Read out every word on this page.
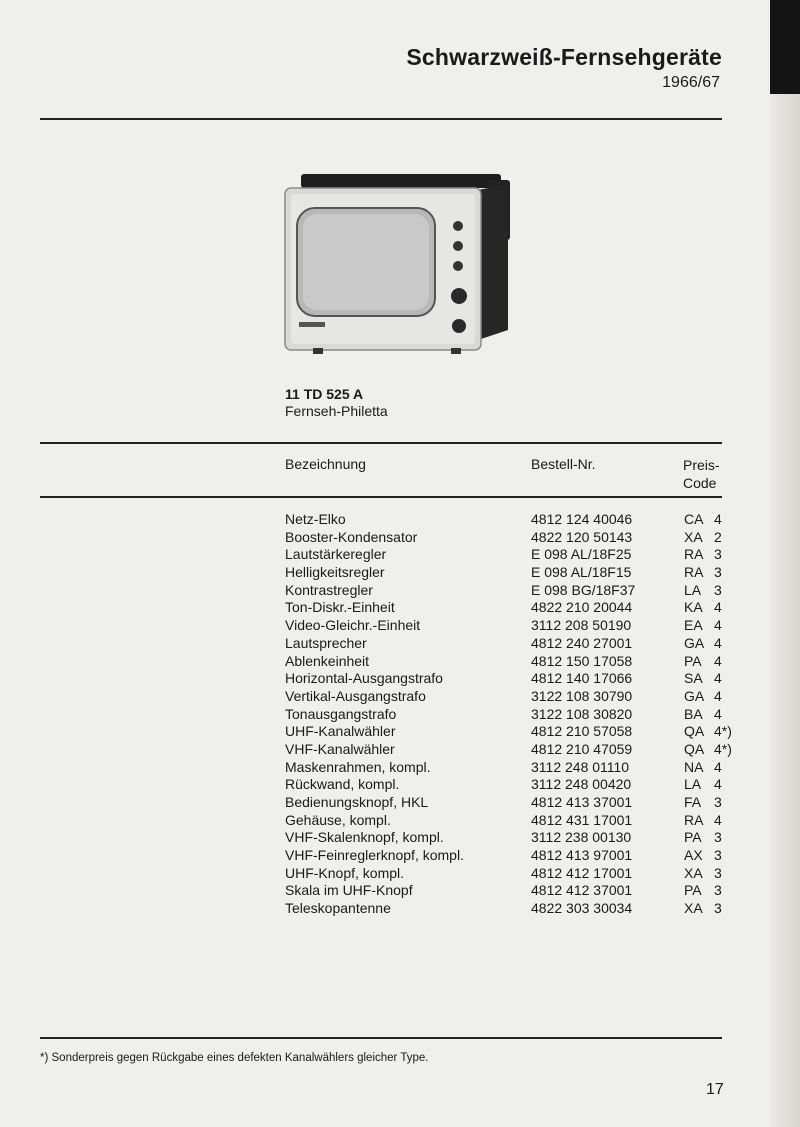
Schwarzweiß-Fernsehgeräte
1966/67
11 TD 525 A
Fernseh-Philetta
Bezeichnung	Bestell-Nr.	Preis-
Code
Netz-Elko	4812 124 40046	CA 4
Booster-Kondensator	4822 120 50143	XA 2
Lautstärkeregler	E 098 AL/18F25	RA 3
Helligkeitsregler	E 098 AL/18F15	RA 3
Kontrastregler	E 098 BG/18F37	LA 3
Ton-Diskr.-Einheit	4822 210 20044	KA 4
Video-Gleichr.-Einheit	3112 208 50190	EA 4
Lautsprecher	4812 240 27001	GA 4
Ablenkeinheit	4812 150 17058	PA 4
Horizontal-Ausgangstrafo	4812 140 17066	SA 4
Vertikal-Ausgangstrafo	3122 108 30790	GA 4
Tonausgangstrafo	3122 108 30820	BA 4
UHF-Kanalwähler	4812 210 57058	QA 4*)
VHF-Kanalwähler	4812 210 47059	QA 4*)
Maskenrahmen, kompl.	3112 248 01110	NA 4
Rückwand, kompl.	3112 248 00420	LA 4
Bedienungsknopf, HKL	4812 413 37001	FA 3
Gehäuse, kompl.	4812 431 17001	RA 4
VHF-Skalenknopf, kompl.	3112 238 00130	PA 3
VHF-Feinreglerknopf, kompl.	4812 413 97001	AX 3
UHF-Knopf, kompl.	4812 412 17001	XA 3
Skala im UHF-Knopf	4812 412 37001	PA 3
Teleskopantenne	4822 303 30034	XA 3
*) Sonderpreis gegen Rückgabe eines defekten Kanalwählers gleicher Type.
17
